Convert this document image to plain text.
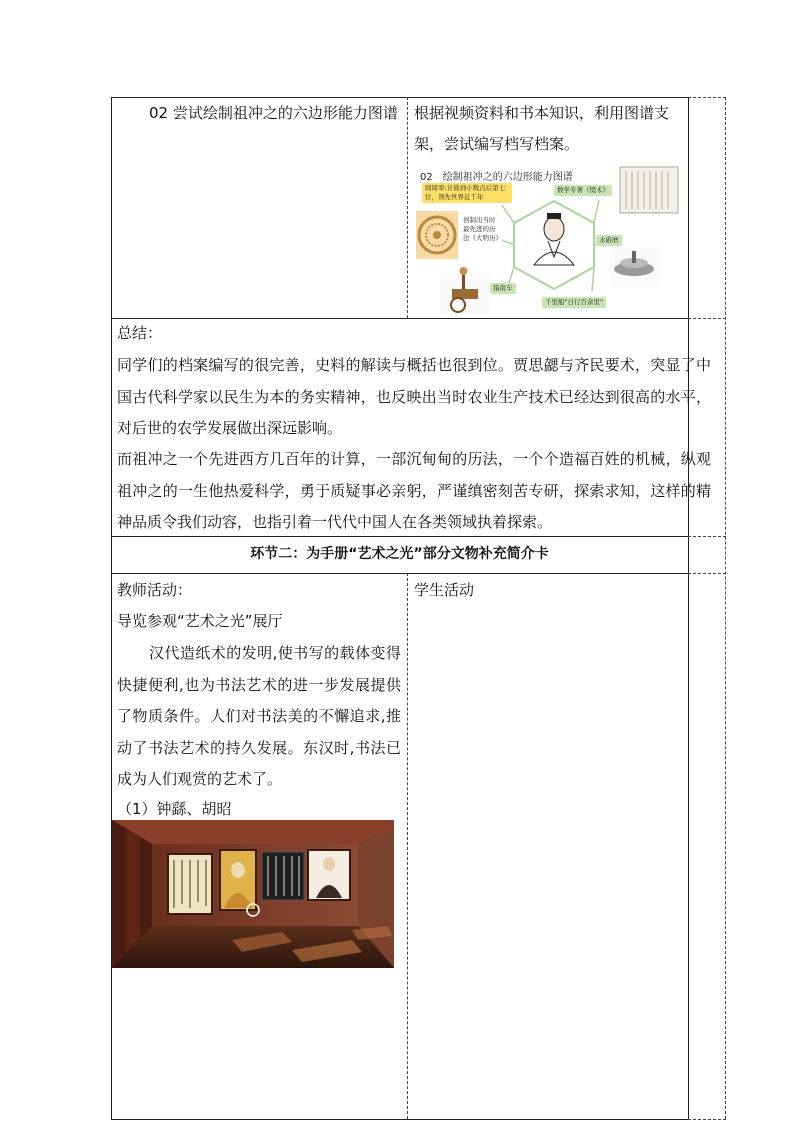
02 尝试绘制祖冲之的六边形能力图谱 根据视频资料和书本知识，利用图谱支架，尝试编写档写档案。
02　绘制祖冲之的六边形能力图谱
圆周率:计算到小数点后第七位，领先世界近千年
数学专著《缀术》
创制出当时最先进的历法《大明历》	水碓磨
指南车
千里船"日行百余里"
总结：
同学们的档案编写的很完善，史料的解读与概括也很到位。贾思勰与齐民要术，突显了中国古代科学家以民生为本的务实精神，也反映出当时农业生产技术已经达到很高的水平，对后世的农学发展做出深远影响。
而祖冲之一个先进西方几百年的计算，一部沉甸甸的历法，一个个造福百姓的机械，纵观祖冲之的一生他热爱科学，勇于质疑事必亲躬，严谨缜密刻苦专研，探索求知，这样的精神品质令我们动容，也指引着一代代中国人在各类领域执着探索。
环节二：为手册“艺术之光”部分文物补充简介卡
教师活动：	学生活动
导览参观“艺术之光”展厅
汉代造纸术的发明,使书写的载体变得快捷便利,也为书法艺术的进一步发展提供了物质条件。人们对书法美的不懈追求,推动了书法艺术的持久发展。东汉时,书法已成为人们观赏的艺术了。
（1）钟繇、胡昭
